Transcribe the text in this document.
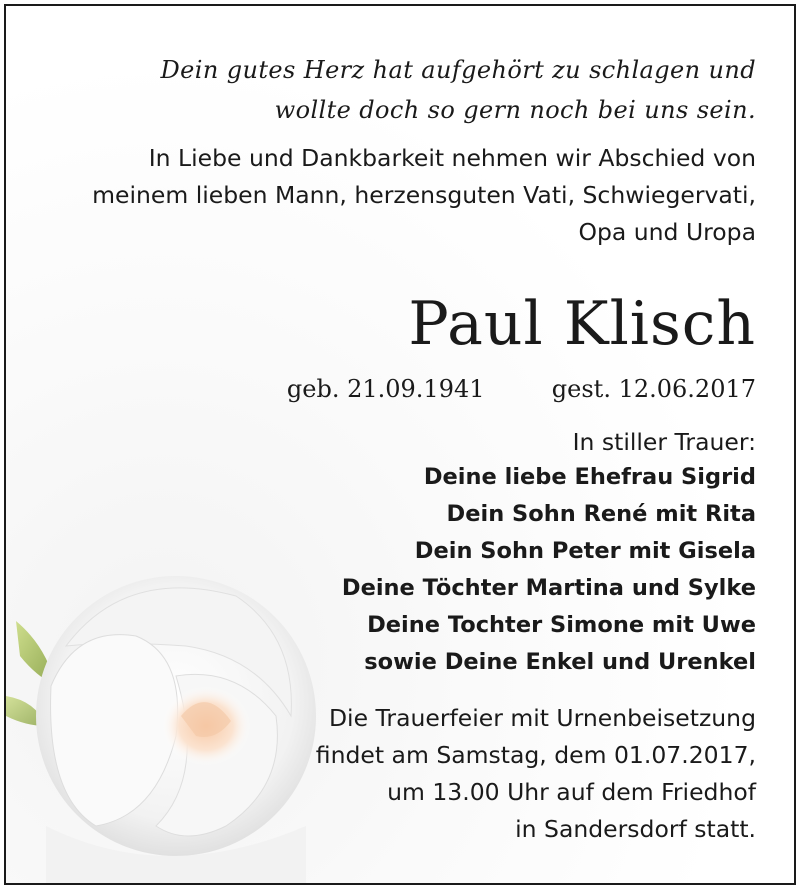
Dein gutes Herz hat aufgehört zu schlagen und
wollte doch so gern noch bei uns sein.
In Liebe und Dankbarkeit nehmen wir Abschied von
meinem lieben Mann, herzensguten Vati, Schwiegervati,
Opa und Uropa
Paul Klisch
geb. 21.09.1941	gest. 12.06.2017
In stiller Trauer:
Deine liebe Ehefrau Sigrid
Dein Sohn René mit Rita
Dein Sohn Peter mit Gisela
Deine Töchter Martina und Sylke
Deine Tochter Simone mit Uwe
sowie Deine Enkel und Urenkel
Die Trauerfeier mit Urnenbeisetzung
findet am Samstag, dem 01.07.2017,
um 13.00 Uhr auf dem Friedhof
in Sandersdorf statt.
